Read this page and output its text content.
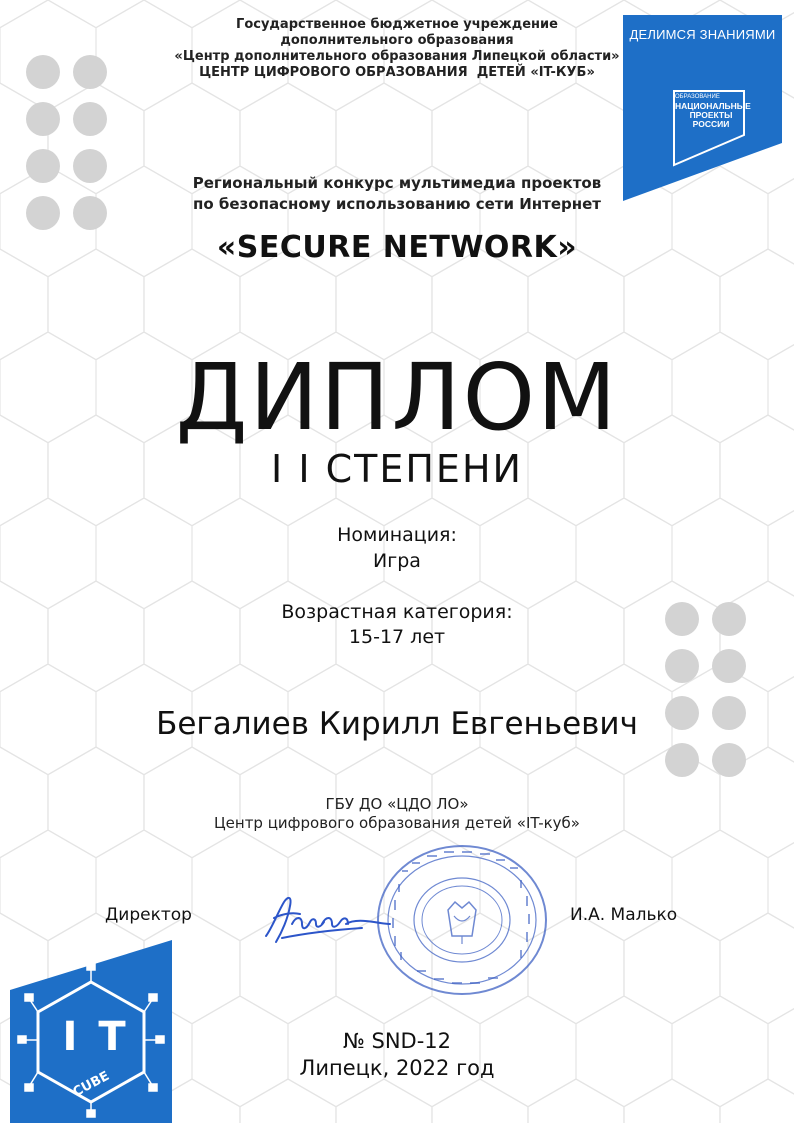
Государственное бюджетное учреждение
дополнительного образования
«Центр дополнительного образования Липецкой области»
ЦЕНТР ЦИФРОВОГО ОБРАЗОВАНИЯ  ДЕТЕЙ «IT-КУБ»
ДЕЛИМСЯ ЗНАНИЯМИ
ОБРАЗОВАНИЕ
НАЦИОНАЛЬНЫЕ
ПРОЕКТЫ
РОССИИ
Региональный конкурс мультимедиа проектов
по безопасному использованию сети Интернет
«SECURE NETWORK»
ДИПЛОМ
I I СТЕПЕНИ
Номинация:
Игра
Возрастная категория:
15-17 лет
Бегалиев Кирилл Евгеньевич
ГБУ ДО «ЦДО ЛО»
Центр цифрового образования детей «IT-куб»
Директор	И.А. Малько
I T
CUBE
№ SND-12
Липецк, 2022 год
